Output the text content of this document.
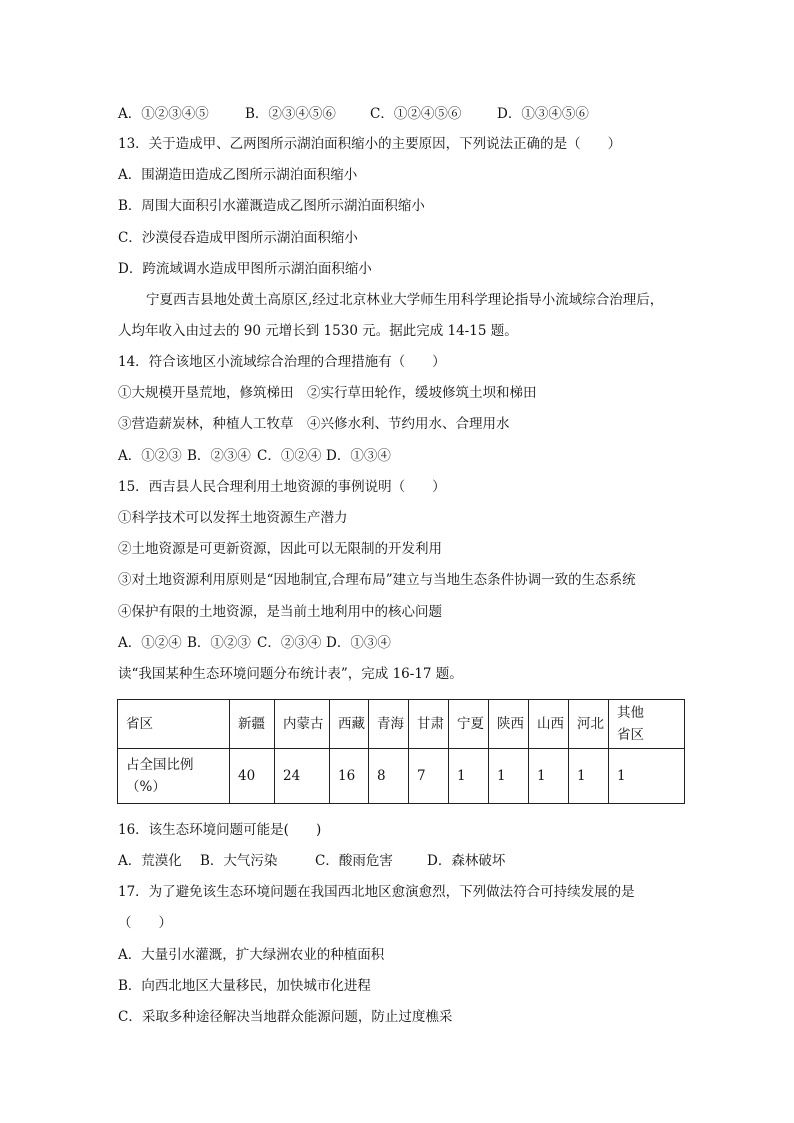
A．①②③④⑤	B．②③④⑤⑥	C．①②④⑤⑥	D．①③④⑤⑥
13．关于造成甲、乙两图所示湖泊面积缩小的主要原因，下列说法正确的是（　　）
A．围湖造田造成乙图所示湖泊面积缩小
B．周围大面积引水灌溉造成乙图所示湖泊面积缩小
C．沙漠侵吞造成甲图所示湖泊面积缩小
D．跨流域调水造成甲图所示湖泊面积缩小
宁夏西吉县地处黄土高原区,经过北京林业大学师生用科学理论指导小流域综合治理后，
人均年收入由过去的 90 元增长到 1530 元。据此完成 14-15 题。
14．符合该地区小流域综合治理的合理措施有（　　）
①大规模开垦荒地，修筑梯田　②实行草田轮作，缓坡修筑土坝和梯田
③营造薪炭林，种植人工牧草　④兴修水利、节约用水、合理用水
A．①②③ B．②③④ C．①②④ D．①③④
15．西吉县人民合理利用土地资源的事例说明（　　）
①科学技术可以发挥土地资源生产潜力
②土地资源是可更新资源，因此可以无限制的开发利用
③对土地资源利用原则是“因地制宜,合理布局”建立与当地生态条件协调一致的生态系统
④保护有限的土地资源，是当前土地利用中的核心问题
A．①②④ B．①②③ C．②③④ D．①③④
读“我国某种生态环境问题分布统计表”，完成 16-17 题。
省区	新疆	内蒙古	西藏	青海	甘肃	宁夏	陕西	山西	河北	其他省区
占全国比例（%）	40	24	16	8	7	1	1	1	1	1
16．该生态环境问题可能是(　　)
A．荒漠化 B．大气污染	C．酸雨危害	D．森林破坏
17．为了避免该生态环境问题在我国西北地区愈演愈烈，下列做法符合可持续发展的是
（　　）
A．大量引水灌溉，扩大绿洲农业的种植面积
B．向西北地区大量移民，加快城市化进程
C．采取多种途径解决当地群众能源问题，防止过度樵采
